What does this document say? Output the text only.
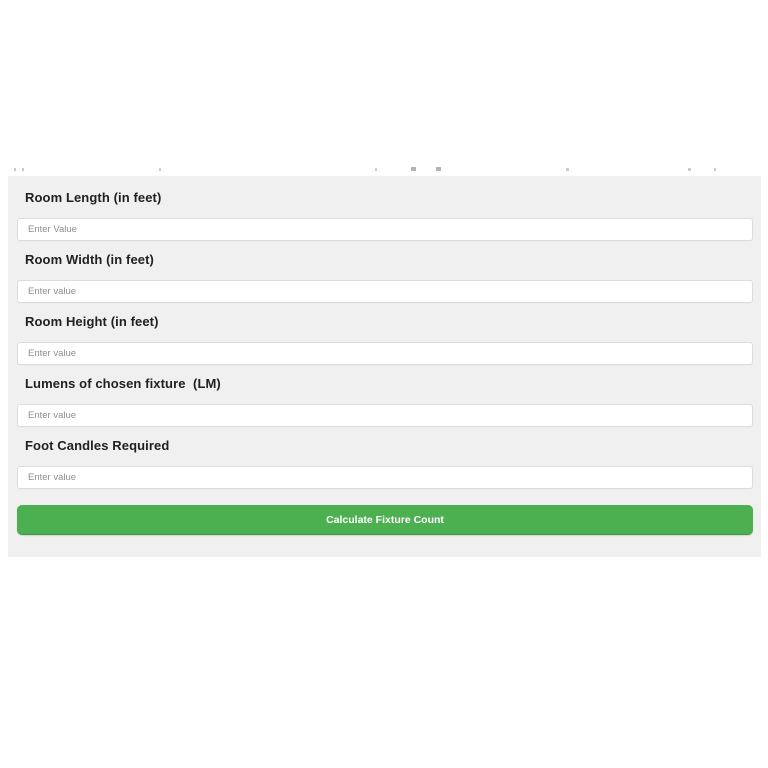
Room Length (in feet)
Enter Value
Room Width (in feet)
Enter value
Room Height (in feet)
Enter value
Lumens of chosen fixture  (LM)
Enter value
Foot Candles Required
Enter value
Calculate Fixture Count
